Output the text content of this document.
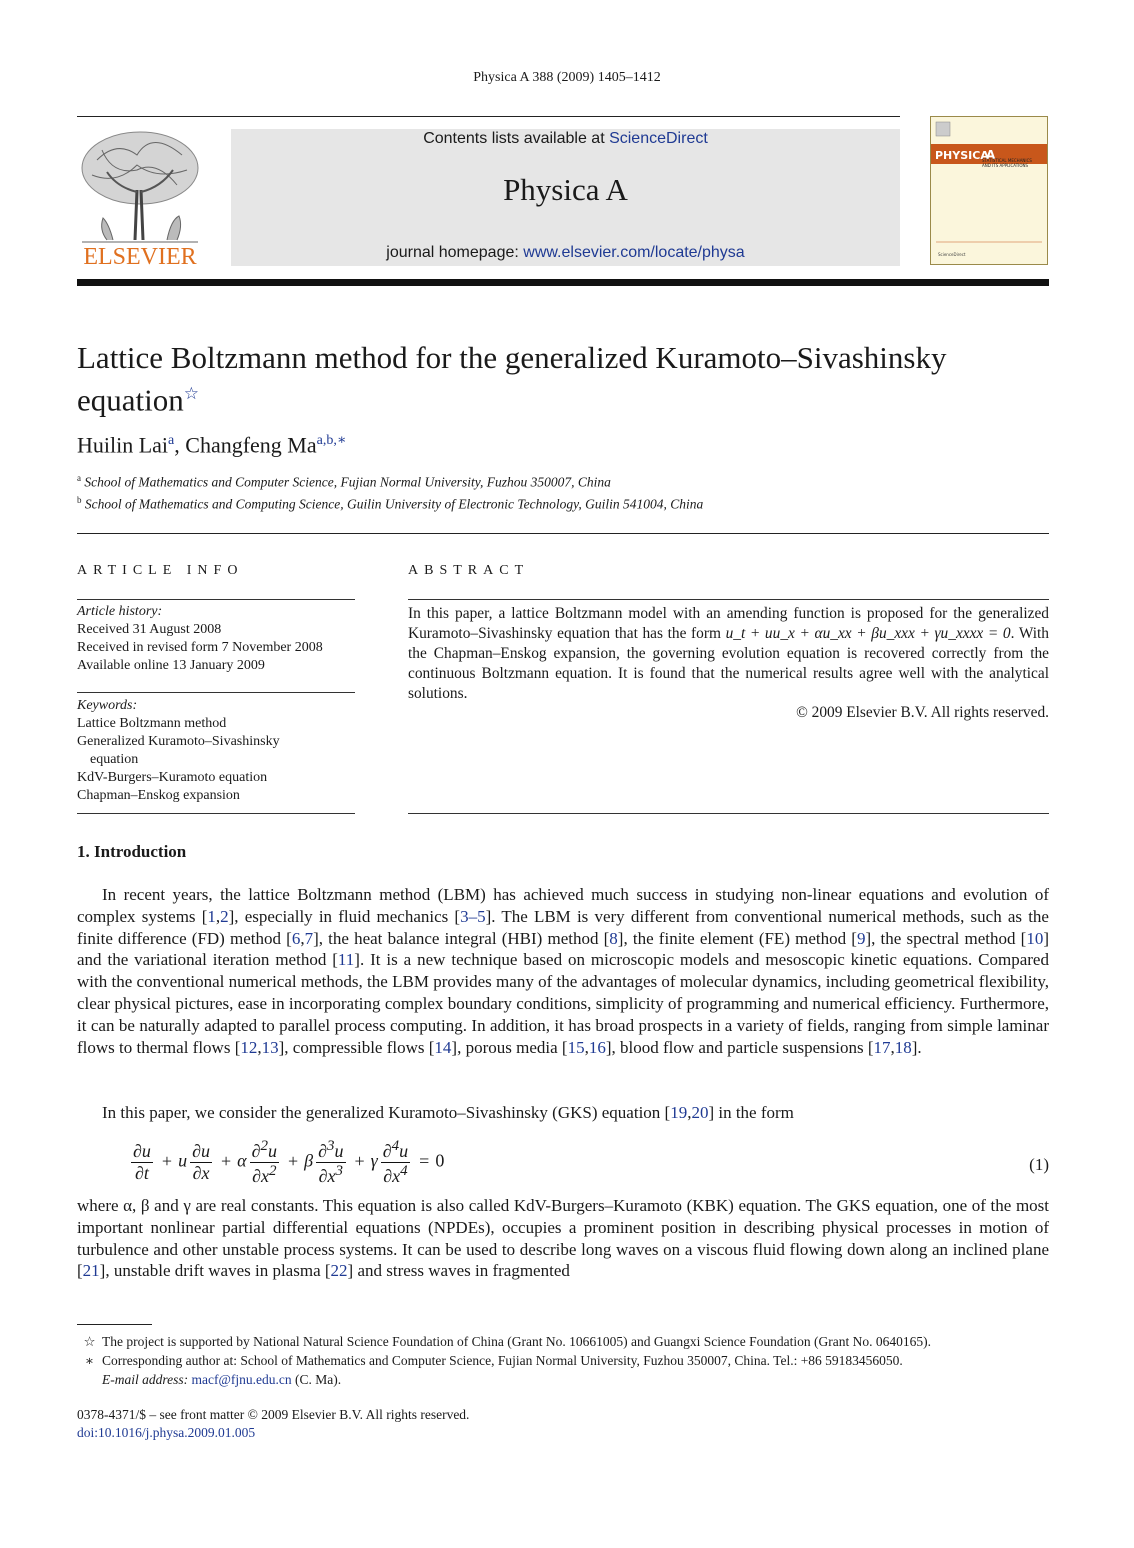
Physica A 388 (2009) 1405–1412
ELSEVIER
Contents lists available at ScienceDirect
Physica A
journal homepage: www.elsevier.com/locate/physa
PHYSICA
A
STATISTICAL MECHANICS
AND ITS APPLICATIONS
ScienceDirect
Lattice Boltzmann method for the generalized Kuramoto–Sivashinsky equation☆
Huilin Lai$^a$, Changfeng $Ma^{a,b,∗}$
$^a$ School of Mathematics and Computer Science, Fujian Normal University, Fuzhou 350007, China
$^b$ School of Mathematics and Computing Science, Guilin University of Electronic Technology, Guilin 541004, China
ARTICLE INFO
Article history:
Received 31 August 2008
Received in revised form 7 November 2008
Available online 13 January 2009
Keywords:
Lattice Boltzmann method
Generalized Kuramoto–Sivashinsky
equation
KdV-Burgers–Kuramoto equation
Chapman–Enskog expansion
ABSTRACT
In this paper, a lattice Boltzmann model with an amending function is proposed for the generalized Kuramoto–Sivashinsky equation that has the form u_t + uu_x + αu_xx + βu_xxx + γu_xxxx = 0. With the Chapman–Enskog expansion, the governing evolution equation is recovered correctly from the continuous Boltzmann equation. It is found that the numerical results agree well with the analytical solutions.
© 2009 Elsevier B.V. All rights reserved.
1. Introduction

In recent years, the lattice Boltzmann method (LBM) has achieved much success in studying non-linear equations and evolution of complex systems [1,2], especially in fluid mechanics [3–5]. The LBM is very different from conventional numerical methods, such as the finite difference (FD) method [6,7], the heat balance integral (HBI) method [8], the finite element (FE) method [9], the spectral method [10] and the variational iteration method [11]. It is a new technique based on microscopic models and mesoscopic kinetic equations. Compared with the conventional numerical methods, the LBM provides many of the advantages of molecular dynamics, including geometrical flexibility, clear physical pictures, ease in incorporating complex boundary conditions, simplicity of programming and numerical efficiency. Furthermore, it can be naturally adapted to parallel process computing. In addition, it has broad prospects in a variety of fields, ranging from simple laminar flows to thermal flows [12,13], compressible flows [14], porous media [15,16], blood flow and particle suspensions [17,18].

In this paper, we consider the generalized Kuramoto–Sivashinsky (GKS) equation [19,20] in the form

$\frac{\partial u}{\partial t} + u \frac{\partial u}{\partial x} + \alpha \frac{\partial^2u}{\partial x^2} + \beta \frac{\partial^3u}{\partial x^3} + \gamma \frac{\partial^4u}{\partial x^4} = 0$	(1)

where α, β and γ are real constants. This equation is also called KdV-Burgers–Kuramoto (KBK) equation. The GKS equation, one of the most important nonlinear partial differential equations (NPDEs), occupies a prominent position in describing physical processes in motion of turbulence and other unstable process systems. It can be used to describe long waves on a viscous fluid flowing down along an inclined plane [21], unstable drift waves in plasma [22] and stress waves in fragmented

☆ The project is supported by National Natural Science Foundation of China (Grant No. 10661005) and Guangxi Science Foundation (Grant No. 0640165).
∗ Corresponding author at: School of Mathematics and Computer Science, Fujian Normal University, Fuzhou 350007, China. Tel.: +86 59183456050.
E-mail address: macf@fjnu.edu.cn (C. Ma).
0378-4371/$ – see front matter © 2009 Elsevier B.V. All rights reserved.
doi:10.1016/j.physa.2009.01.005
